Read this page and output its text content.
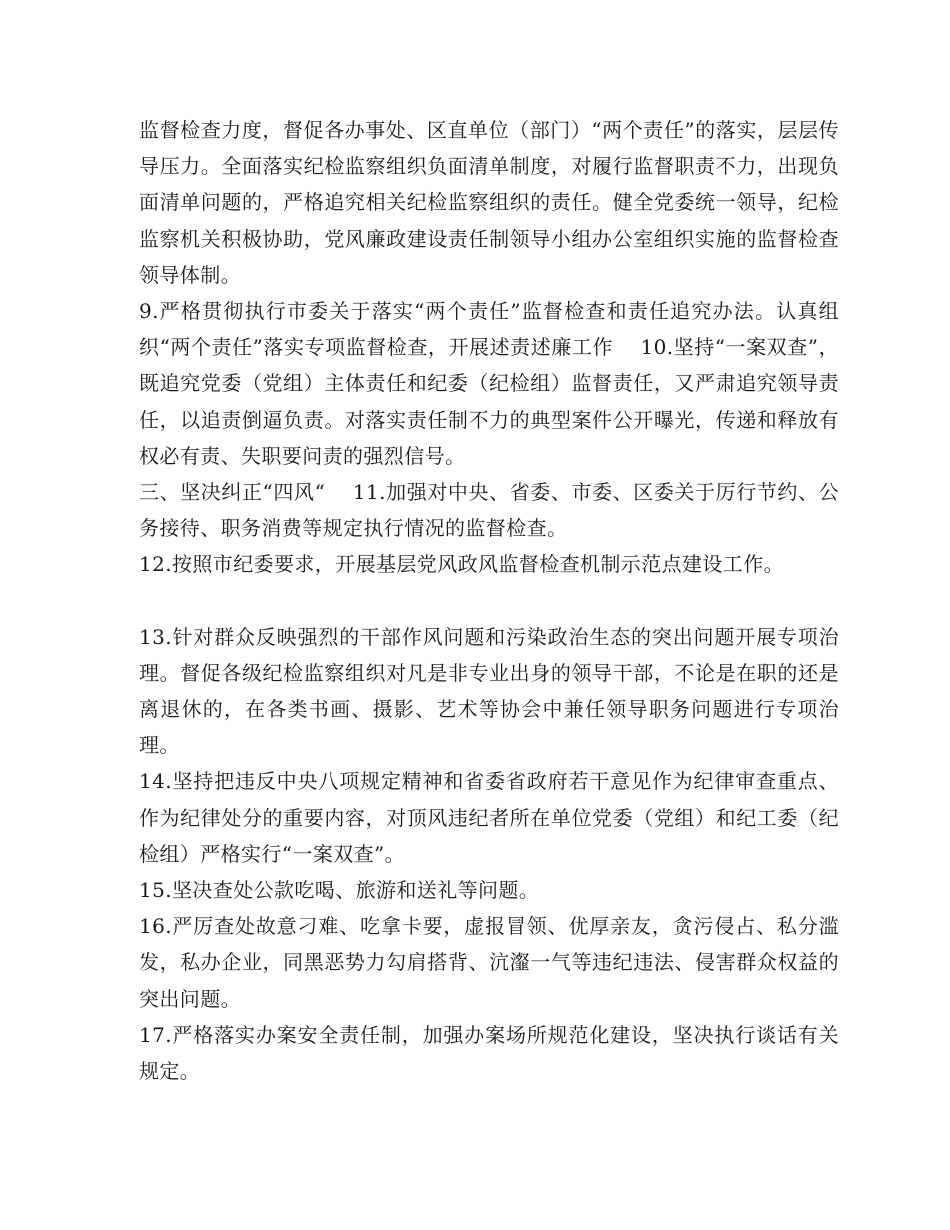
监督检查力度，督促各办事处、区直单位（部门）“两个责任”的落实，层层传导压力。全面落实纪检监察组织负面清单制度，对履行监督职责不力，出现负面清单问题的，严格追究相关纪检监察组织的责任。健全党委统一领导，纪检监察机关积极协助，党风廉政建设责任制领导小组办公室组织实施的监督检查领导体制。

9.严格贯彻执行市委关于落实“两个责任”监督检查和责任追究办法。认真组织“两个责任”落实专项监督检查，开展述责述廉工作　 10.坚持“一案双查”，既追究党委（党组）主体责任和纪委（纪检组）监督责任，又严肃追究领导责任，以追责倒逼负责。对落实责任制不力的典型案件公开曝光，传递和释放有权必有责、失职要问责的强烈信号。

三、坚决纠正“四风“　 11.加强对中央、省委、市委、区委关于厉行节约、公务接待、职务消费等规定执行情况的监督检查。

12.按照市纪委要求，开展基层党风政风监督检查机制示范点建设工作。

13.针对群众反映强烈的干部作风问题和污染政治生态的突出问题开展专项治理。督促各级纪检监察组织对凡是非专业出身的领导干部，不论是在职的还是离退休的，在各类书画、摄影、艺术等协会中兼任领导职务问题进行专项治理。

14.坚持把违反中央八项规定精神和省委省政府若干意见作为纪律审查重点、作为纪律处分的重要内容，对顶风违纪者所在单位党委（党组）和纪工委（纪检组）严格实行“一案双查”。

15.坚决查处公款吃喝、旅游和送礼等问题。

16.严厉查处故意刁难、吃拿卡要，虚报冒领、优厚亲友，贪污侵占、私分滥发，私办企业，同黑恶势力勾肩搭背、沆瀣一气等违纪违法、侵害群众权益的突出问题。

17.严格落实办案安全责任制，加强办案场所规范化建设，坚决执行谈话有关规定。
